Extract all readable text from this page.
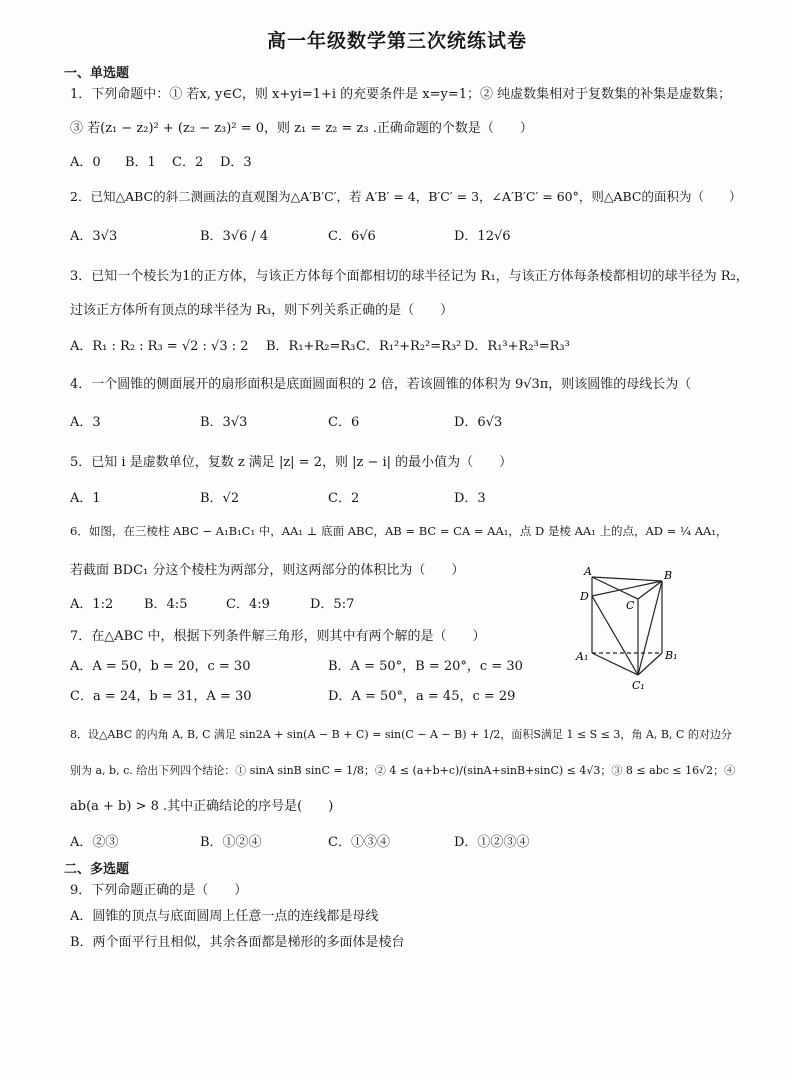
高一年级数学第三次统练试卷
一、单选题
1．下列命题中：① 若x, y∈C，则 x+yi=1+i 的充要条件是 x=y=1；② 纯虚数集相对于复数集的补集是虚数集；
③ 若(z₁ − z₂)² + (z₂ − z₃)² = 0，则 z₁ = z₂ = z₃ .正确命题的个数是（　　）
A．0 B．1 C．2 D．3
2．已知△ABC的斜二测画法的直观图为△A′B′C′，若 A′B′ = 4，B′C′ = 3，∠A′B′C′ = 60°，则△ABC的面积为（　　）
A．3√3	B．3√6 / 4	C．6√6	D．12√6
3．已知一个棱长为1的正方体，与该正方体每个面都相切的球半径记为 R₁，与该正方体每条棱都相切的球半径为 R₂，
过该正方体所有顶点的球半径为 R₃，则下列关系正确的是（　　）
A．R₁ : R₂ : R₃ = √2 : √3 : 2 B．R₁+R₂=R₃ C．R₁²+R₂²=R₃² D．R₁³+R₂³=R₃³
4．一个圆锥的侧面展开的扇形面积是底面圆面积的 2 倍，若该圆锥的体积为 9√3π，则该圆锥的母线长为（
A．3	B．3√3	C．6	D．6√3
5．已知 i 是虚数单位，复数 z 满足 |z| = 2，则 |z − i| 的最小值为（　　）
A．1	B．√2	C．2	D．3
6．如图，在三棱柱 ABC − A₁B₁C₁ 中，AA₁ ⊥ 底面 ABC，AB = BC = CA = AA₁，点 D 是棱 AA₁ 上的点，AD = ¼ AA₁，
若截面 BDC₁ 分这个棱柱为两部分，则这两部分的体积比为（　　）
A．1:2 B．4:5	C．4:9	D．5:7
A	B
C
D
A₁	B₁
C₁
7．在△ABC 中，根据下列条件解三角形，则其中有两个解的是（　　）
A．A = 50，b = 20，c = 30	B．A = 50°，B = 20°，c = 30
C．a = 24，b = 31，A = 30	D．A = 50°，a = 45，c = 29
8．设△ABC 的内角 A, B, C 满足 sin2A + sin(A − B + C) = sin(C − A − B) + 1/2，面积S满足 1 ≤ S ≤ 3，角 A, B, C 的对边分
别为 a, b, c. 给出下列四个结论：① sinA sinB sinC = 1/8；② 4 ≤ (a+b+c)/(sinA+sinB+sinC) ≤ 4√3；③ 8 ≤ abc ≤ 16√2；④
ab(a + b) > 8 .其中正确结论的序号是(　　)
A．②③	B．①②④	C．①③④	D．①②③④
二、多选题
9．下列命题正确的是（　　）
A．圆锥的顶点与底面圆周上任意一点的连线都是母线
B．两个面平行且相似，其余各面都是梯形的多面体是棱台
